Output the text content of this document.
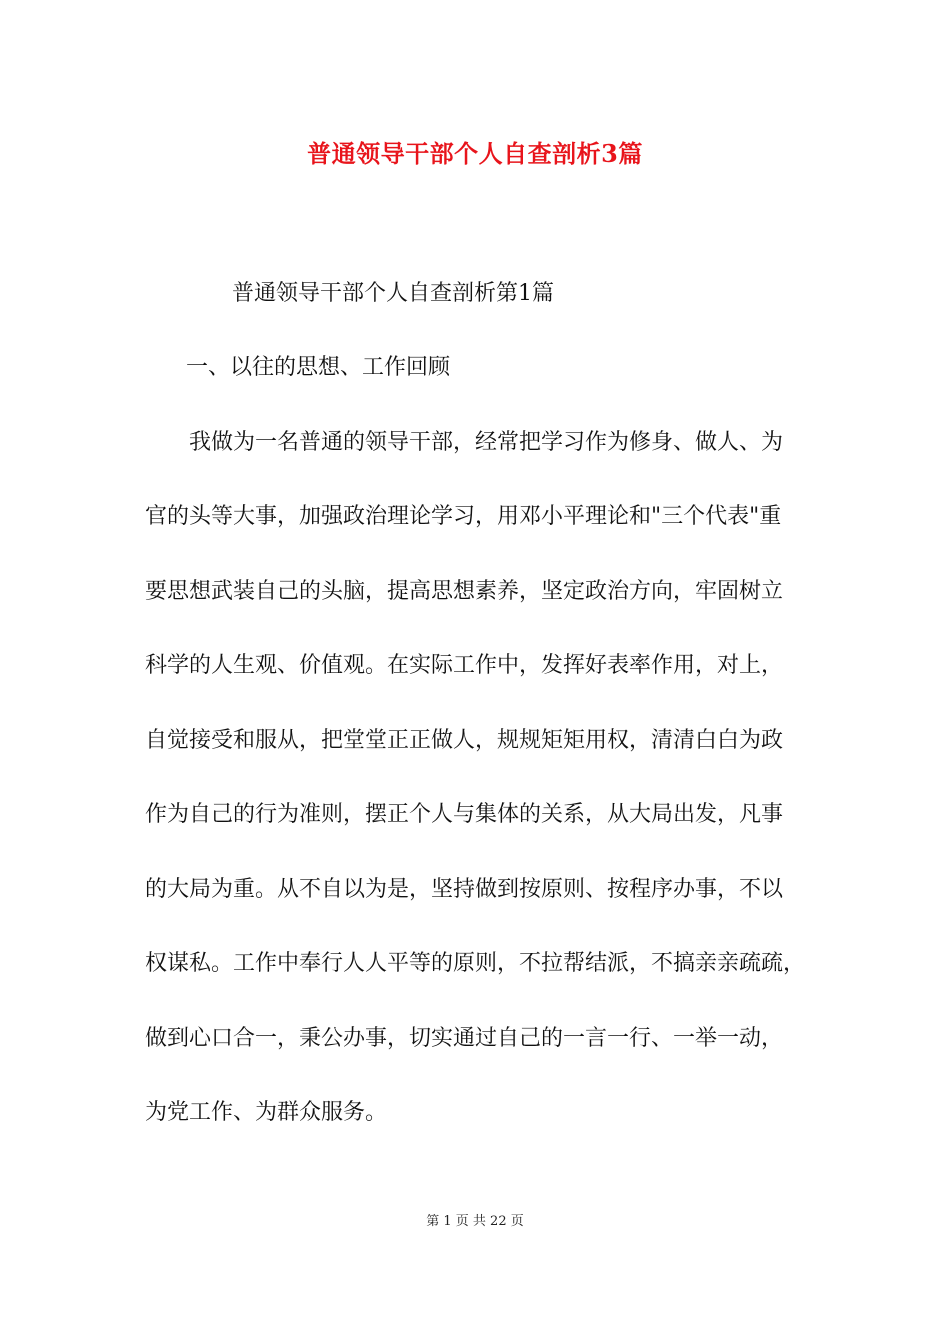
普通领导干部个人自查剖析3篇
普通领导干部个人自查剖析第1篇
一、以往的思想、工作回顾
我做为一名普通的领导干部，经常把学习作为修身、做人、为
官的头等大事，加强政治理论学习，用邓小平理论和"三个代表"重
要思想武装自己的头脑，提高思想素养，坚定政治方向，牢固树立
科学的人生观、价值观。在实际工作中，发挥好表率作用，对上，
自觉接受和服从，把堂堂正正做人，规规矩矩用权，清清白白为政
作为自己的行为准则，摆正个人与集体的关系，从大局出发，凡事
的大局为重。从不自以为是，坚持做到按原则、按程序办事，不以
权谋私。工作中奉行人人平等的原则，不拉帮结派，不搞亲亲疏疏，
做到心口合一，秉公办事，切实通过自己的一言一行、一举一动，
为党工作、为群众服务。
第 1 页 共 22 页
